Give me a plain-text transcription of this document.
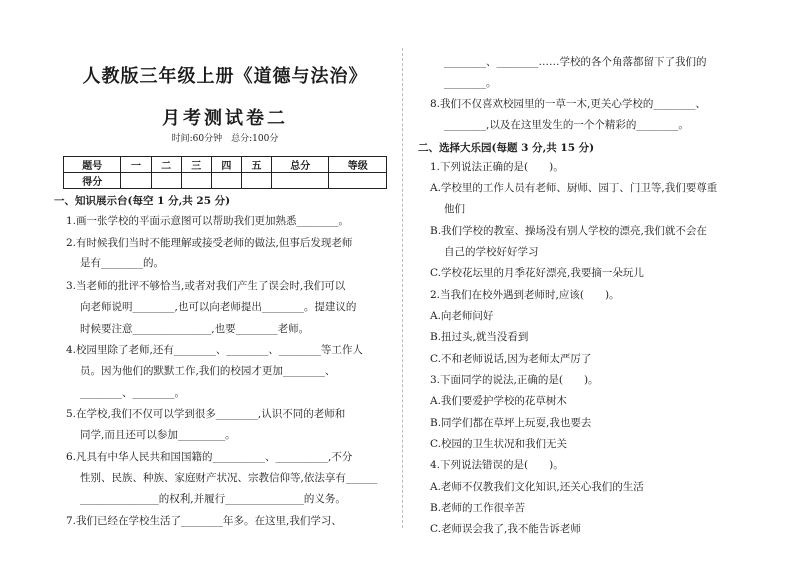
人教版三年级上册《道德与法治》
月考测试卷二
时间:60分钟　总分:100分
题号	一	二	三	四	五	总分	等级
得分							
一、知识展示台(每空 1 分,共 25 分)
1.画一张学校的平面示意图可以帮助我们更加熟悉________。
2.有时候我们当时不能理解或接受老师的做法,但事后发现老师
是有________的。
3.当老师的批评不够恰当,或者对我们产生了误会时,我们可以
向老师说明________,也可以向老师提出________。提建议的
时候要注意_______________,也要________老师。
4.校园里除了老师,还有________、________、________等工作人
员。因为他们的默默工作,我们的校园才更加________、
________、________。
5.在学校,我们不仅可以学到很多________,认识不同的老师和
同学,而且还可以参加_________。
6.凡具有中华人民共和国国籍的__________、__________,不分
性别、民族、种族、家庭财产状况、宗教信仰等,依法享有______
_______________的权利,并履行_______________的义务。
7.我们已经在学校生活了________年多。在这里,我们学习、
________、________……学校的各个角落都留下了我们的
________。
8.我们不仅喜欢校园里的一草一木,更关心学校的________、
________,以及在这里发生的一个个精彩的________。
二、选择大乐园(每题 3 分,共 15 分)
1.下列说法正确的是(　　)。
A.学校里的工作人员有老师、厨师、园丁、门卫等,我们要尊重
他们
B.我们学校的教室、操场没有别人学校的漂亮,我们就不会在
自己的学校好好学习
C.学校花坛里的月季花好漂亮,我要摘一朵玩儿
2.当我们在校外遇到老师时,应该(　　)。
A.向老师问好
B.扭过头,就当没看到
C.不和老师说话,因为老师太严厉了
3.下面同学的说法,正确的是(　　)。
A.我们要爱护学校的花草树木
B.同学们都在草坪上玩耍,我也要去
C.校园的卫生状况和我们无关
4.下列说法错误的是(　　)。
A.老师不仅教我们文化知识,还关心我们的生活
B.老师的工作很辛苦
C.老师误会我了,我不能告诉老师
